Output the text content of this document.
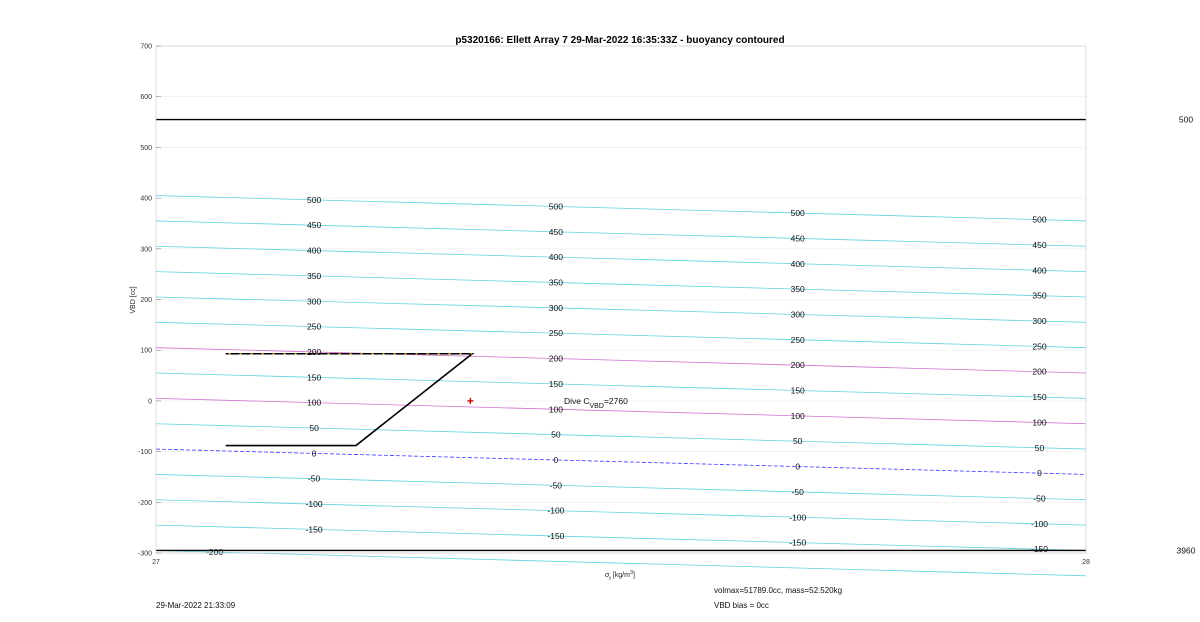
p5320166: Ellett Array 7 29-Mar-2022 16:35:33Z - buoyancy contoured
500
3960
-150
-100
-50
0
50
100
150
200
250
300
350
400
450
500
-150
-100
-50
0
50
100
150
200
250
300
350
400
450
500
-150
-100
-50
0
50
100
150
200
250
300
350
400
450
500
-150
-100
-50
0
50
100
150
200
250
300
350
400
450
500
-200
-300
-200
-100
0
100
200
300
400
500
600
700
27	28
VBD [cc]
$\sigma_t$ $[kg/m^3]$
Dive $C_{VBD}=2760$
29-Mar-2022 21:33:09
volmax=51789.0cc, mass=52.520kg
VBD bias = 0cc
